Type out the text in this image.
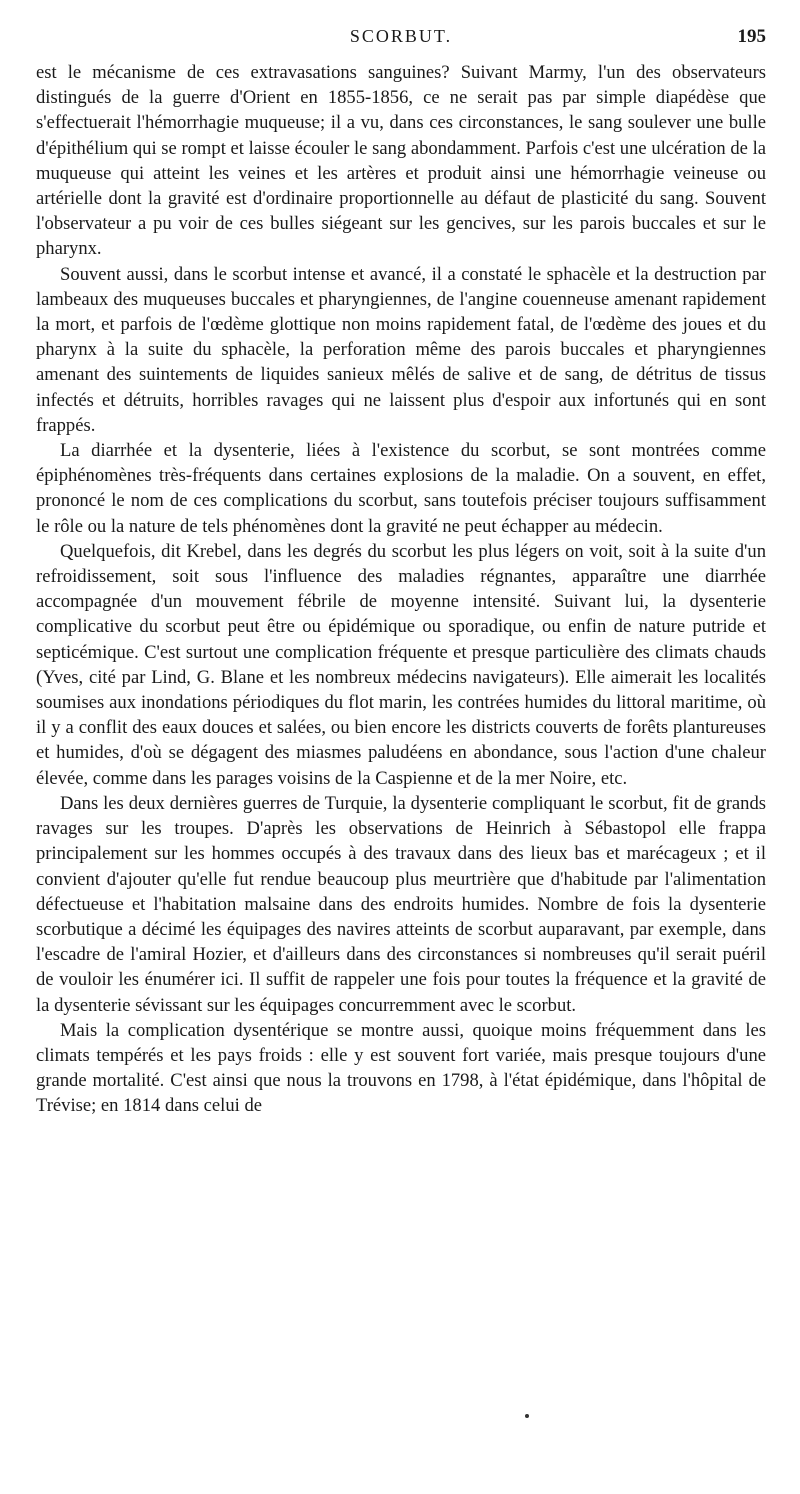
SCORBUT.	195

est le mécanisme de ces extravasations sanguines? Suivant Marmy, l'un des observateurs distingués de la guerre d'Orient en 1855-1856, ce ne serait pas par simple diapédèse que s'effectuerait l'hémorrhagie muqueuse; il a vu, dans ces circonstances, le sang soulever une bulle d'épithélium qui se rompt et laisse écouler le sang abondamment. Parfois c'est une ulcération de la muqueuse qui atteint les veines et les artères et produit ainsi une hémorrhagie veineuse ou artérielle dont la gravité est d'ordinaire proportionnelle au défaut de plasticité du sang. Souvent l'observateur a pu voir de ces bulles siégeant sur les gencives, sur les parois buccales et sur le pharynx.

Souvent aussi, dans le scorbut intense et avancé, il a constaté le sphacèle et la destruction par lambeaux des muqueuses buccales et pharyngiennes, de l'angine couenneuse amenant rapidement la mort, et parfois de l'œdème glottique non moins rapidement fatal, de l'œdème des joues et du pharynx à la suite du sphacèle, la perforation même des parois buccales et pharyngiennes amenant des suintements de liquides sanieux mêlés de salive et de sang, de détritus de tissus infectés et détruits, horribles ravages qui ne laissent plus d'espoir aux infortunés qui en sont frappés.

La diarrhée et la dysenterie, liées à l'existence du scorbut, se sont montrées comme épiphénomènes très-fréquents dans certaines explosions de la maladie. On a souvent, en effet, prononcé le nom de ces complications du scorbut, sans toutefois préciser toujours suffisamment le rôle ou la nature de tels phénomènes dont la gravité ne peut échapper au médecin.

Quelquefois, dit Krebel, dans les degrés du scorbut les plus légers on voit, soit à la suite d'un refroidissement, soit sous l'influence des maladies régnantes, apparaître une diarrhée accompagnée d'un mouvement fébrile de moyenne intensité. Suivant lui, la dysenterie complicative du scorbut peut être ou épidémique ou sporadique, ou enfin de nature putride et septicémique. C'est surtout une complication fréquente et presque particulière des climats chauds (Yves, cité par Lind, G. Blane et les nombreux médecins navigateurs). Elle aimerait les localités soumises aux inondations périodiques du flot marin, les contrées humides du littoral maritime, où il y a conflit des eaux douces et salées, ou bien encore les districts couverts de forêts plantureuses et humides, d'où se dégagent des miasmes paludéens en abondance, sous l'action d'une chaleur élevée, comme dans les parages voisins de la Caspienne et de la mer Noire, etc.

Dans les deux dernières guerres de Turquie, la dysenterie compliquant le scorbut, fit de grands ravages sur les troupes. D'après les observations de Heinrich à Sébastopol elle frappa principalement sur les hommes occupés à des travaux dans des lieux bas et marécageux ; et il convient d'ajouter qu'elle fut rendue beaucoup plus meurtrière que d'habitude par l'alimentation défectueuse et l'habitation malsaine dans des endroits humides. Nombre de fois la dysenterie scorbutique a décimé les équipages des navires atteints de scorbut auparavant, par exemple, dans l'escadre de l'amiral Hozier, et d'ailleurs dans des circonstances si nombreuses qu'il serait puéril de vouloir les énumérer ici. Il suffit de rappeler une fois pour toutes la fréquence et la gravité de la dysenterie sévissant sur les équipages concurremment avec le scorbut.

Mais la complication dysentérique se montre aussi, quoique moins fréquemment dans les climats tempérés et les pays froids : elle y est souvent fort variée, mais presque toujours d'une grande mortalité. C'est ainsi que nous la trouvons en 1798, à l'état épidémique, dans l'hôpital de Trévise; en 1814 dans celui de
